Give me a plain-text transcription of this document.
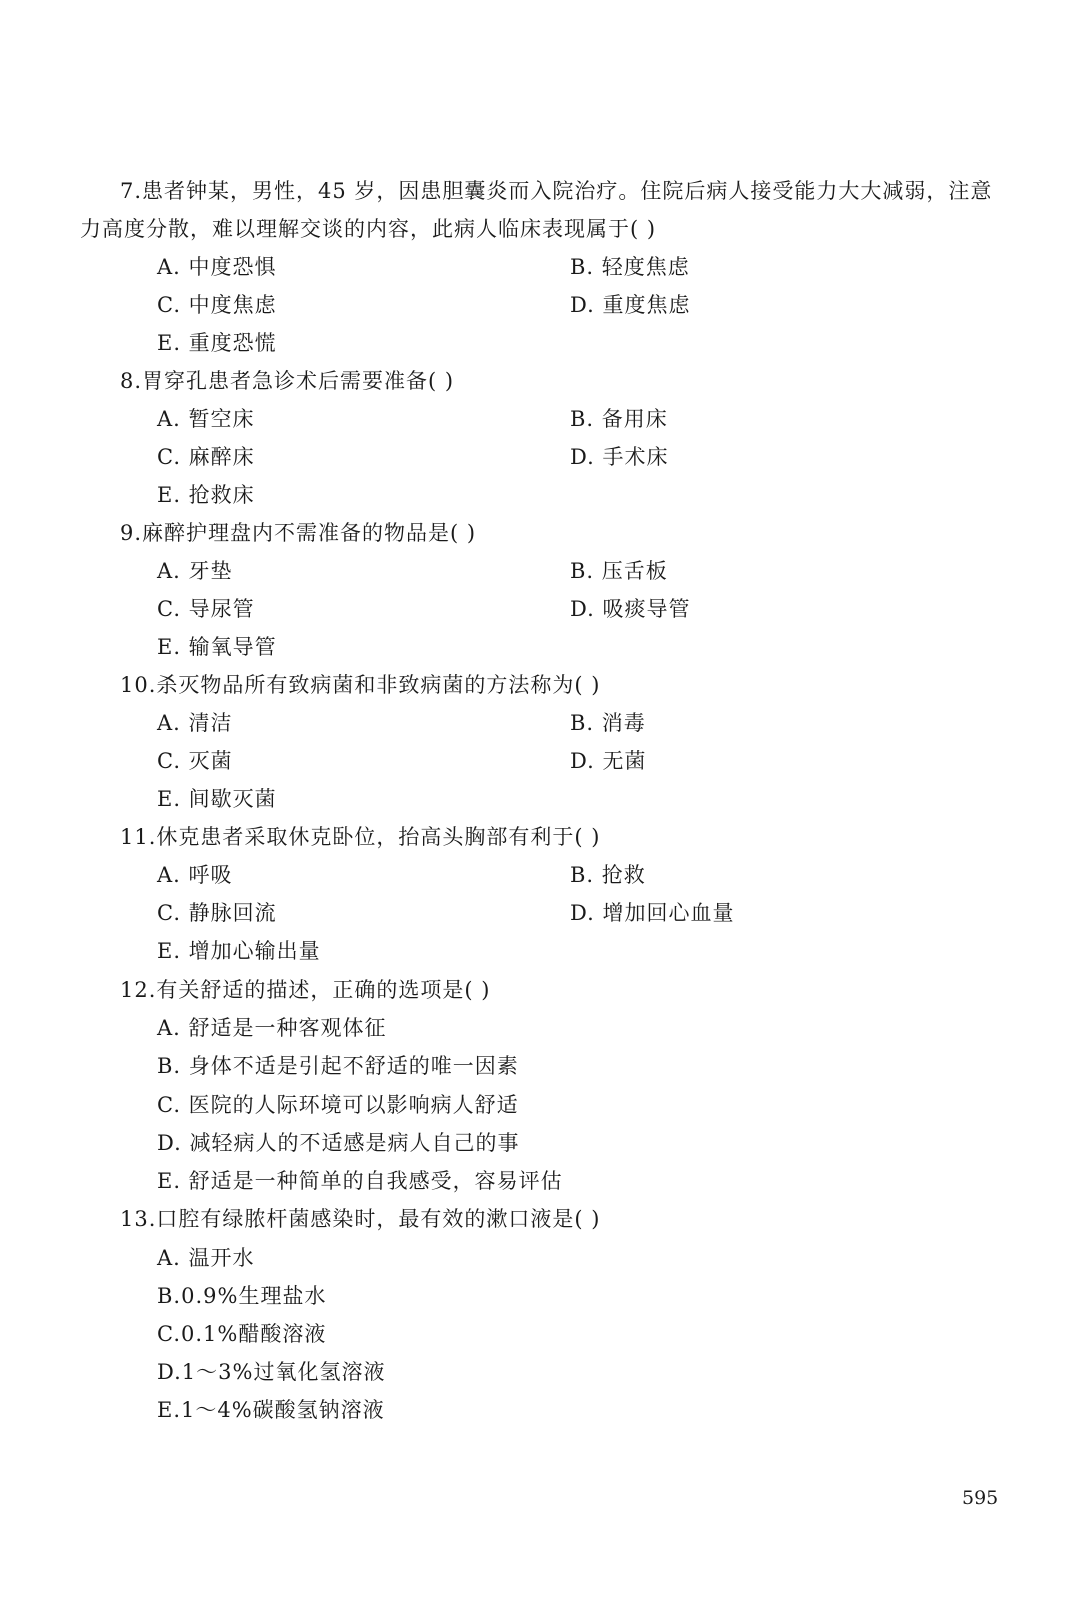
7.患者钟某，男性，45 岁，因患胆囊炎而入院治疗。住院后病人接受能力大大减弱，注意
力高度分散，难以理解交谈的内容，此病人临床表现属于( )
A. 中度恐惧	B. 轻度焦虑
C. 中度焦虑	D. 重度焦虑
E. 重度恐慌
8.胃穿孔患者急诊术后需要准备( )
A. 暂空床	B. 备用床
C. 麻醉床	D. 手术床
E. 抢救床
9.麻醉护理盘内不需准备的物品是( )
A. 牙垫	B. 压舌板
C. 导尿管	D. 吸痰导管
E. 输氧导管
10.杀灭物品所有致病菌和非致病菌的方法称为( )
A. 清洁	B. 消毒
C. 灭菌	D. 无菌
E. 间歇灭菌
11.休克患者采取休克卧位，抬高头胸部有利于( )
A. 呼吸	B. 抢救
C. 静脉回流	D. 增加回心血量
E. 增加心输出量
12.有关舒适的描述，正确的选项是( )
A. 舒适是一种客观体征
B. 身体不适是引起不舒适的唯一因素
C. 医院的人际环境可以影响病人舒适
D. 减轻病人的不适感是病人自己的事
E. 舒适是一种简单的自我感受，容易评估
13.口腔有绿脓杆菌感染时，最有效的漱口液是( )
A. 温开水
B.0.9%生理盐水
C.0.1%醋酸溶液
D.1～3%过氧化氢溶液
E.1～4%碳酸氢钠溶液
595
